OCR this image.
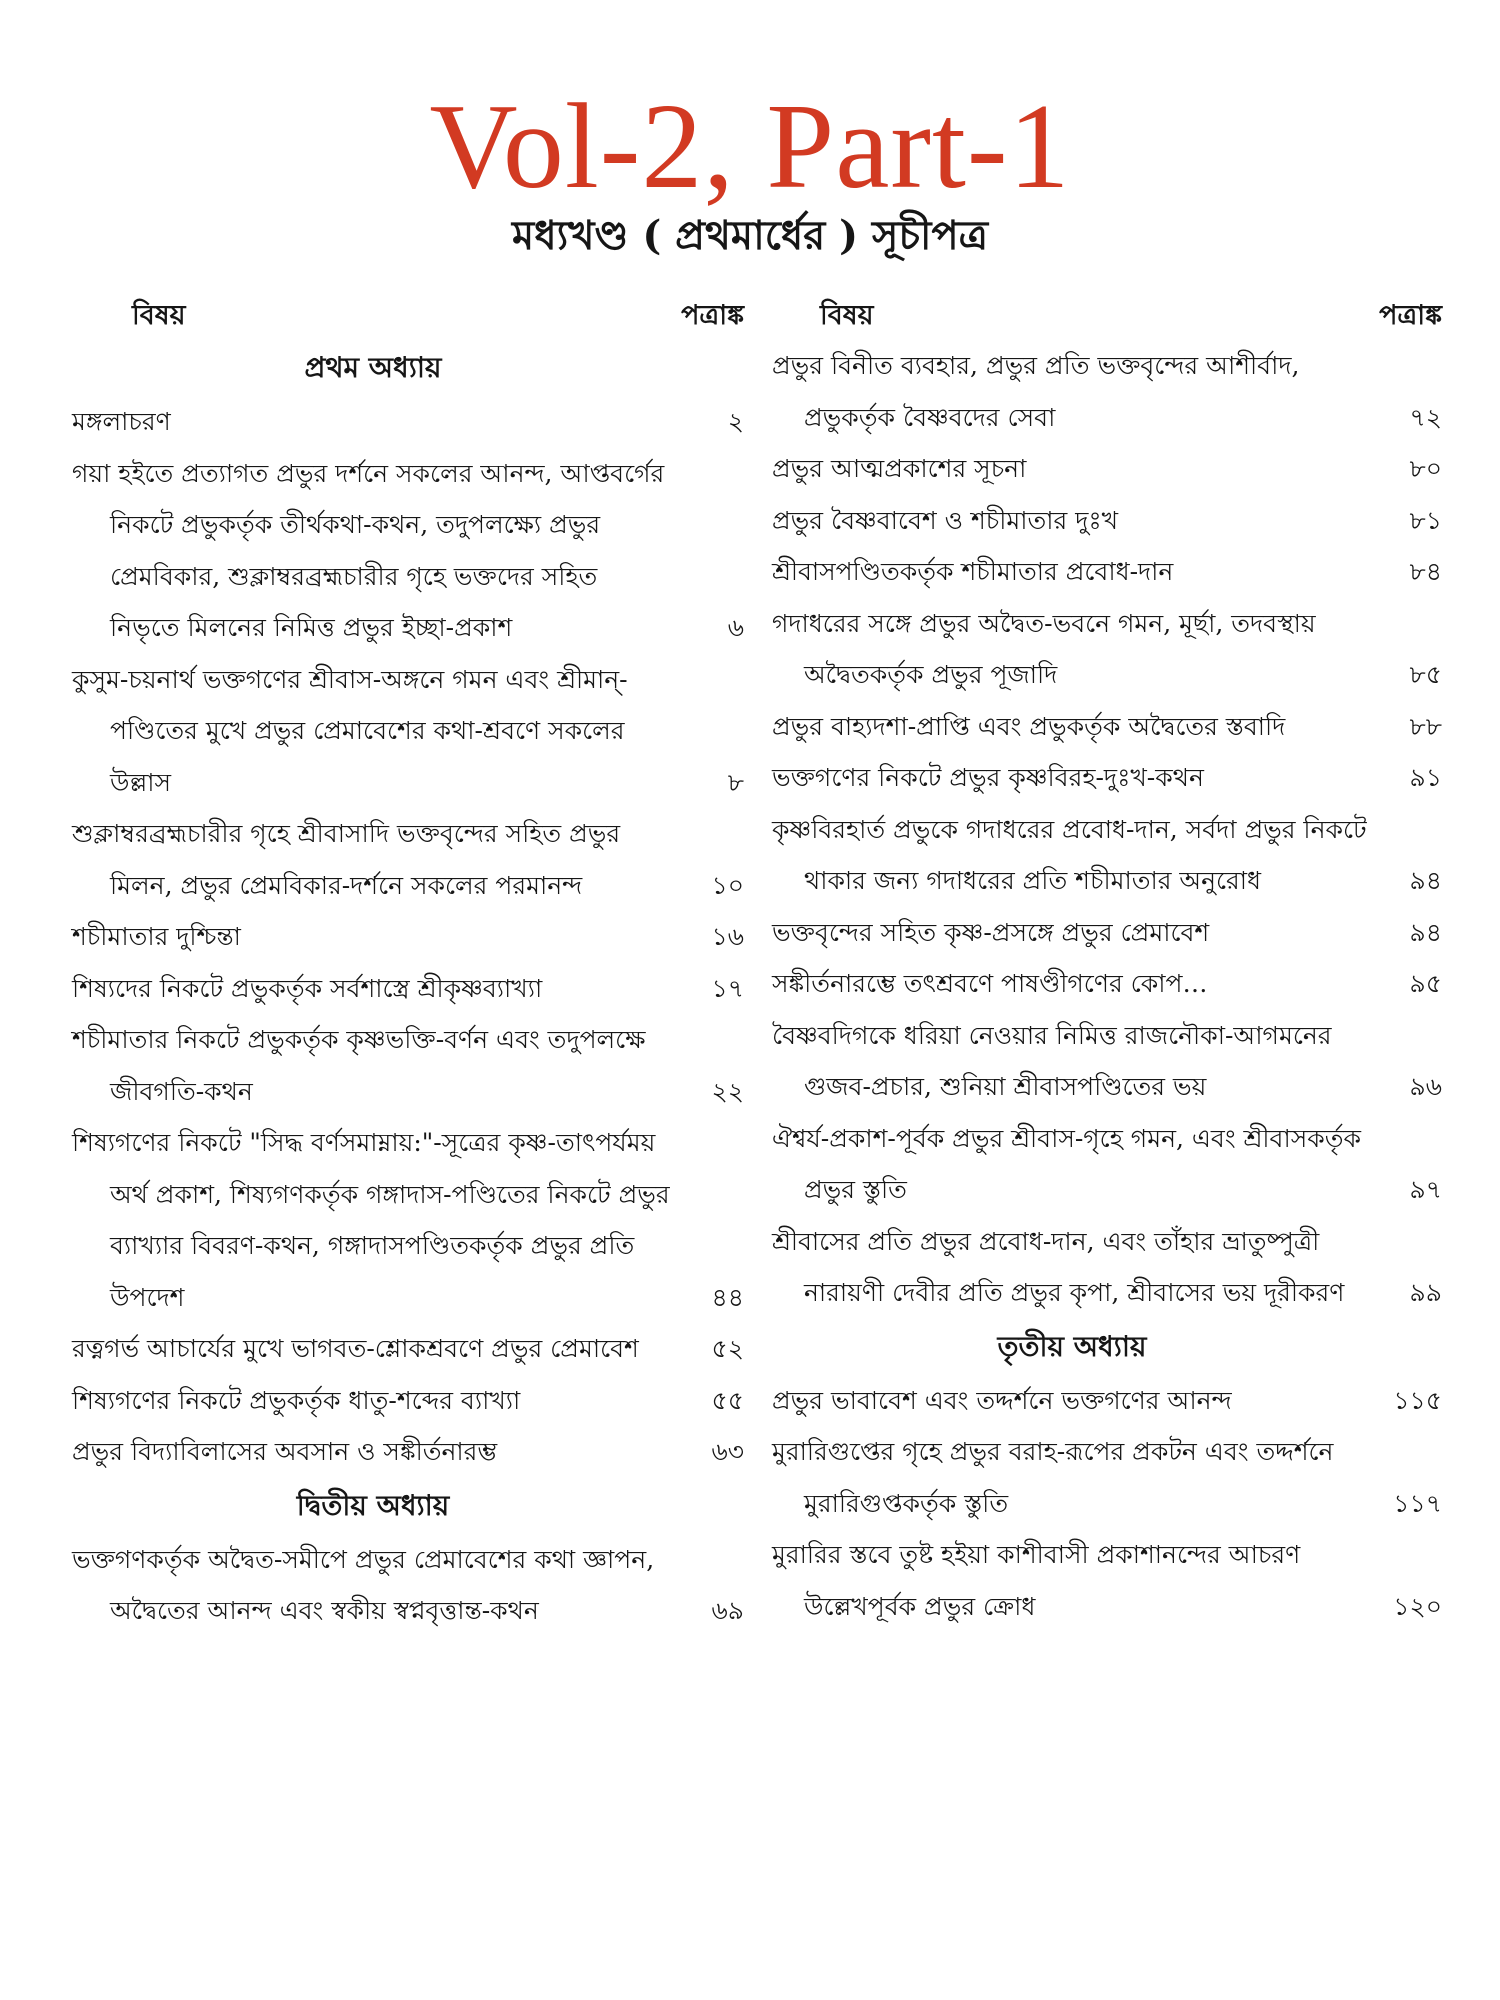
Vol-2, Part-1
মধ্যখণ্ড ( প্রথমার্ধের ) সূচীপত্র
বিষয়	পত্রাঙ্ক
প্রথম অধ্যায়
মঙ্গলাচরণ	২
গয়া হইতে প্রত্যাগত প্রভুর দর্শনে সকলের আনন্দ, আপ্তবর্গের নিকটে প্রভুকর্তৃক তীর্থকথা-কথন, তদুপলক্ষ্যে প্রভুর প্রেমবিকার, শুক্লাম্বরব্রহ্মচারীর গৃহে ভক্তদের সহিত নিভৃতে মিলনের নিমিত্ত প্রভুর ইচ্ছা-প্রকাশ	৬
কুসুম-চয়নার্থ ভক্তগণের শ্রীবাস-অঙ্গনে গমন এবং শ্রীমান্-পণ্ডিতের মুখে প্রভুর প্রেমাবেশের কথা-শ্রবণে সকলের উল্লাস	৮
শুক্লাম্বরব্রহ্মচারীর গৃহে শ্রীবাসাদি ভক্তবৃন্দের সহিত প্রভুর মিলন, প্রভুর প্রেমবিকার-দর্শনে সকলের পরমানন্দ	১০
শচীমাতার দুশ্চিন্তা	১৬
শিষ্যদের নিকটে প্রভুকর্তৃক সর্বশাস্ত্রে শ্রীকৃষ্ণব্যাখ্যা	১৭
শচীমাতার নিকটে প্রভুকর্তৃক কৃষ্ণভক্তি-বর্ণন এবং তদুপলক্ষে জীবগতি-কথন	২২
শিষ্যগণের নিকটে "সিদ্ধ বর্ণসমাম্নায়:"-সূত্রের কৃষ্ণ-তাৎপর্যময় অর্থ প্রকাশ, শিষ্যগণকর্তৃক গঙ্গাদাস-পণ্ডিতের নিকটে প্রভুর ব্যাখ্যার বিবরণ-কথন, গঙ্গাদাসপণ্ডিতকর্তৃক প্রভুর প্রতি উপদেশ	৪৪
রত্নগর্ভ আচার্যের মুখে ভাগবত-শ্লোকশ্রবণে প্রভুর প্রেমাবেশ	৫২
শিষ্যগণের নিকটে প্রভুকর্তৃক ধাতু-শব্দের ব্যাখ্যা	৫৫
প্রভুর বিদ্যাবিলাসের অবসান ও সঙ্কীর্তনারম্ভ	৬৩
দ্বিতীয় অধ্যায়
ভক্তগণকর্তৃক অদ্বৈত-সমীপে প্রভুর প্রেমাবেশের কথা জ্ঞাপন, অদ্বৈতের আনন্দ এবং স্বকীয় স্বপ্নবৃত্তান্ত-কথন	৬৯
বিষয়	পত্রাঙ্ক
প্রভুর বিনীত ব্যবহার, প্রভুর প্রতি ভক্তবৃন্দের আশীর্বাদ, প্রভুকর্তৃক বৈষ্ণবদের সেবা	৭২
প্রভুর আত্মপ্রকাশের সূচনা	৮০
প্রভুর বৈষ্ণবাবেশ ও শচীমাতার দুঃখ	৮১
শ্রীবাসপণ্ডিতকর্তৃক শচীমাতার প্রবোধ-দান	৮৪
গদাধরের সঙ্গে প্রভুর অদ্বৈত-ভবনে গমন, মূর্ছা, তদবস্থায় অদ্বৈতকর্তৃক প্রভুর পূজাদি	৮৫
প্রভুর বাহ্যদশা-প্রাপ্তি এবং প্রভুকর্তৃক অদ্বৈতের স্তবাদি	৮৮
ভক্তগণের নিকটে প্রভুর কৃষ্ণবিরহ-দুঃখ-কথন	৯১
কৃষ্ণবিরহার্ত প্রভুকে গদাধরের প্রবোধ-দান, সর্বদা প্রভুর নিকটে থাকার জন্য গদাধরের প্রতি শচীমাতার অনুরোধ	৯৪
ভক্তবৃন্দের সহিত কৃষ্ণ-প্রসঙ্গে প্রভুর প্রেমাবেশ	৯৪
সঙ্কীর্তনারম্ভে তৎশ্রবণে পাষণ্ডীগণের কোপ…	৯৫
বৈষ্ণবদিগকে ধরিয়া নেওয়ার নিমিত্ত রাজনৌকা-আগমনের গুজব-প্রচার, শুনিয়া শ্রীবাসপণ্ডিতের ভয়	৯৬
ঐশ্বর্য-প্রকাশ-পূর্বক প্রভুর শ্রীবাস-গৃহে গমন, এবং শ্রীবাসকর্তৃক প্রভুর স্তুতি	৯৭
শ্রীবাসের প্রতি প্রভুর প্রবোধ-দান, এবং তাঁহার ভ্রাতুষ্পুত্রী নারায়ণী দেবীর প্রতি প্রভুর কৃপা, শ্রীবাসের ভয় দূরীকরণ	৯৯
তৃতীয় অধ্যায়
প্রভুর ভাবাবেশ এবং তদ্দর্শনে ভক্তগণের আনন্দ	১১৫
মুরারিগুপ্তের গৃহে প্রভুর বরাহ-রূপের প্রকটন এবং তদ্দর্শনে মুরারিগুপ্তকর্তৃক স্তুতি	১১৭
মুরারির স্তবে তুষ্ট হইয়া কাশীবাসী প্রকাশানন্দের আচরণ উল্লেখপূর্বক প্রভুর ক্রোধ	১২০
